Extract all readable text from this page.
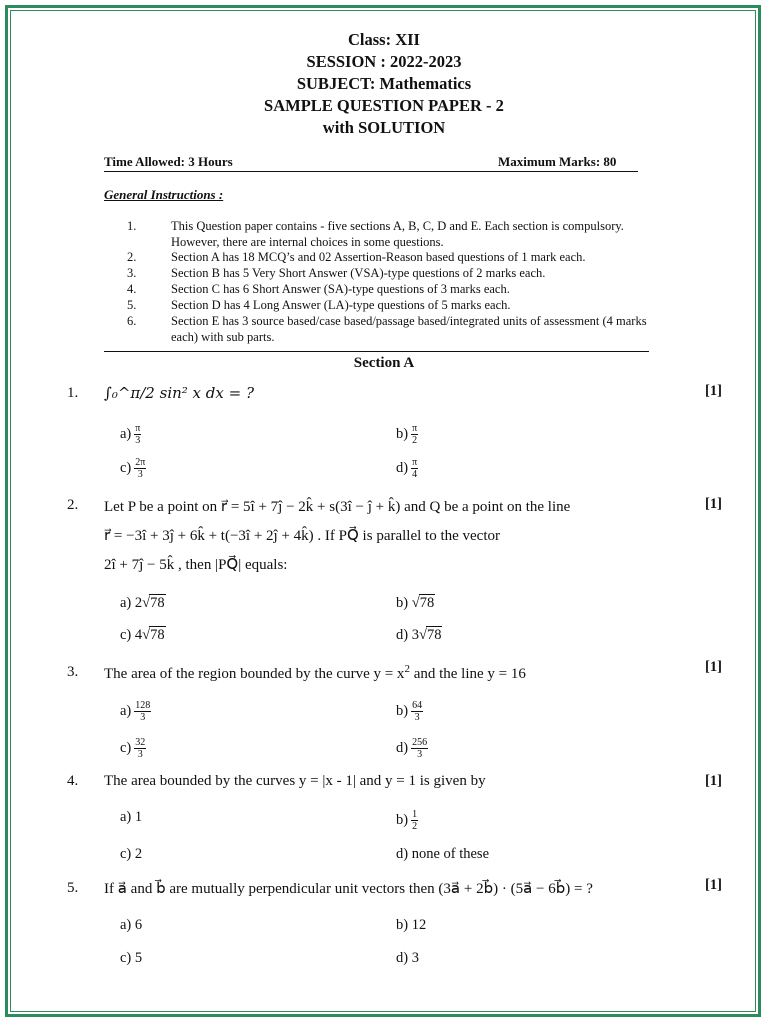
Class: XII
SESSION : 2022-2023
SUBJECT: Mathematics
SAMPLE QUESTION PAPER - 2
with SOLUTION
Time Allowed: 3 Hours	Maximum Marks: 80
General Instructions :
1.	This Question paper contains - five sections A, B, C, D and E. Each section is compulsory. However, there are internal choices in some questions.
2.	Section A has 18 MCQ’s and 02 Assertion-Reason based questions of 1 mark each.
3.	Section B has 5 Very Short Answer (VSA)-type questions of 2 marks each.
4.	Section C has 6 Short Answer (SA)-type questions of 3 marks each.
5.	Section D has 4 Long Answer (LA)-type questions of 5 marks each.
6.	Section E has 3 source based/case based/passage based/integrated units of assessment (4 marks each) with sub parts.
Section A
1. ∫₀^π/2 sin² x dx = ?	[1]
$a) \frac{\pi}{3}$	$b) \frac{\pi}{2}$
$c) \frac{2\pi}{3}$	$d) \frac{\pi}{4}$
2. Let P be a point on r⃗ = 5î + 7ĵ − 2k̂ + s(3î − ĵ + k̂) and Q be a point on the line	[1]
r⃗ = −3î + 3ĵ + 6k̂ + t(−3î + 2ĵ + 4k̂) . If PQ⃗ is parallel to the vector
2î + 7ĵ − 5k̂ , then |PQ⃗| equals:
a) 2√78	b) √78
c) 4√78	d) 3√78
3. The area of the region bounded by the curve $y = x^2$ and the line y = 16	[1]
$a) \frac{128}{3}$	$b) \frac{64}{3}$
$c) \frac{32}{3}$	$d) \frac{256}{3}$
4. The area bounded by the curves y = |x - 1| and y = 1 is given by	[1]
a) 1	$b) \frac{1}{2}$
c) 2	d) none of these
5. If a⃗ and b⃗ are mutually perpendicular unit vectors then (3a⃗ + 2b⃗) · (5a⃗ − 6b⃗) = ?	[1]
a) 6	b) 12
c) 5	d) 3
